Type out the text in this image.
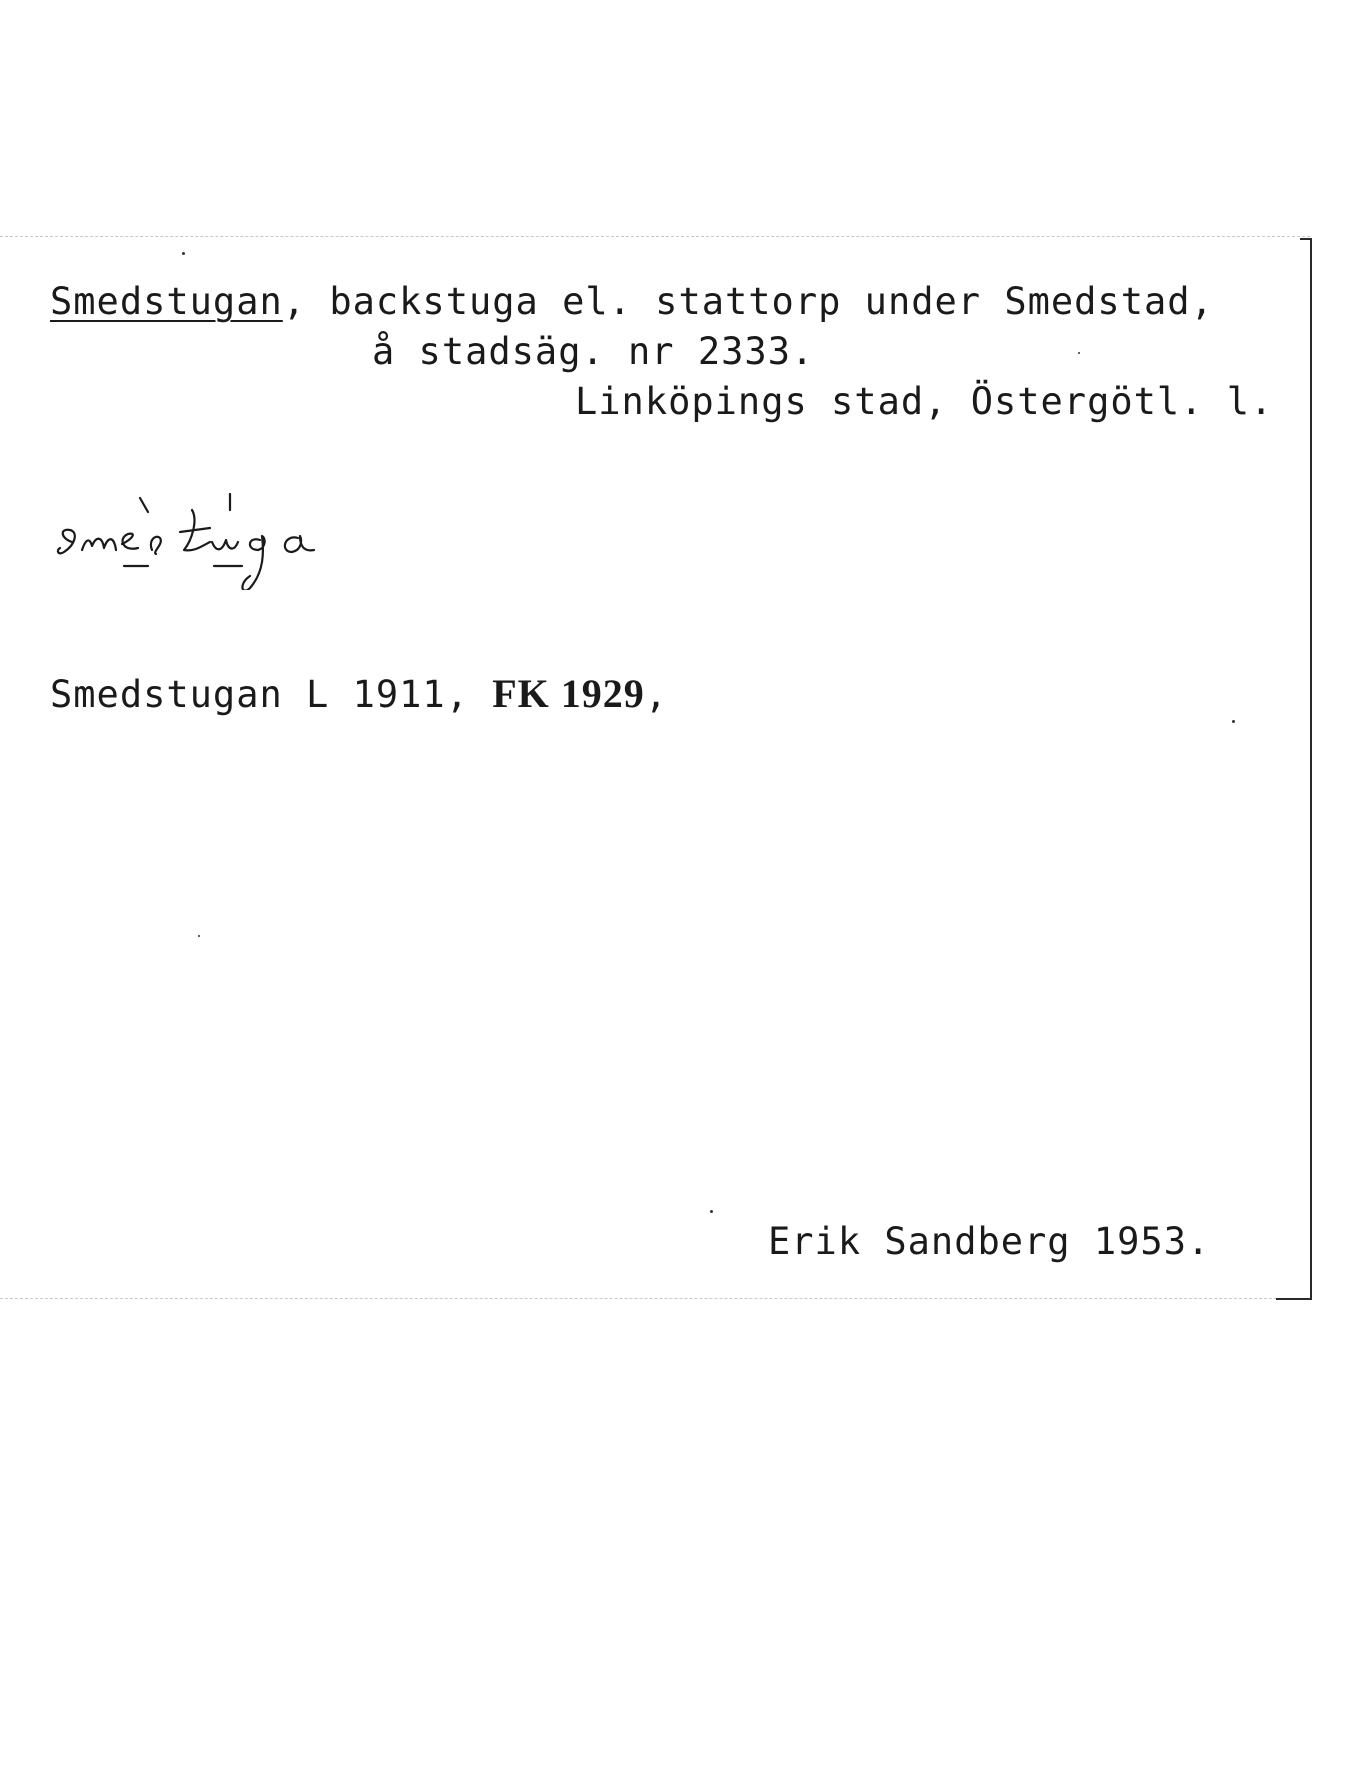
Smedstugan, backstuga el. stattorp under Smedstad,
å stadsäg. nr 2333.
Linköpings stad, Östergötl. l.
Smedstugan L 1911, FK 1929,
Erik Sandberg 1953.
